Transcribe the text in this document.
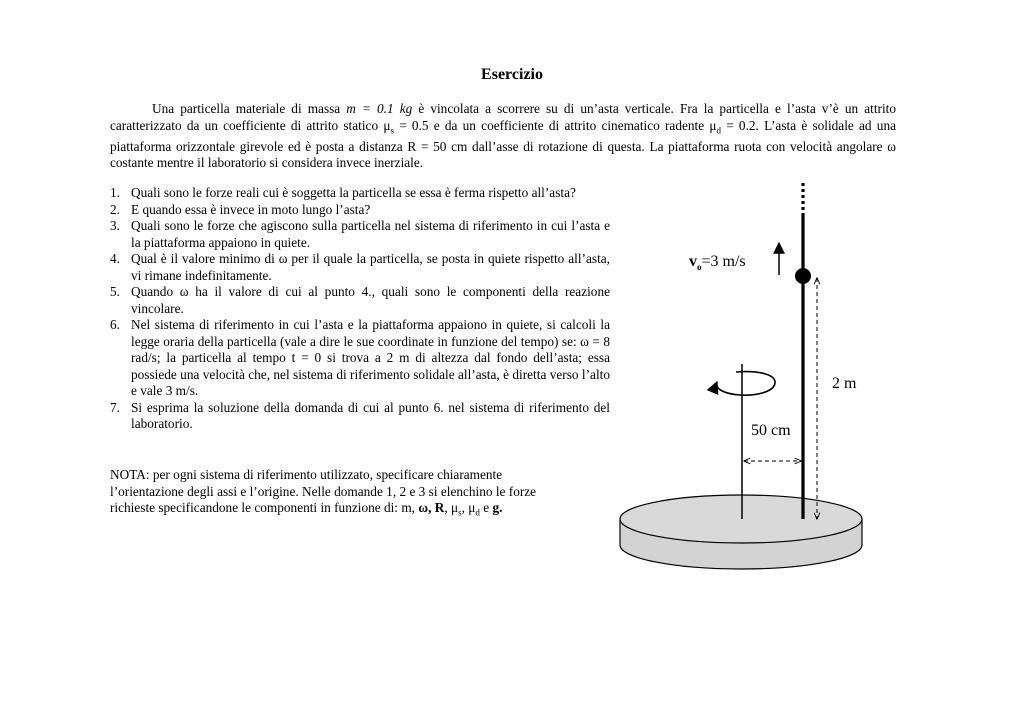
Esercizio

Una particella materiale di massa m = 0.1 kg è vincolata a scorrere su di un’asta verticale. Fra la particella e l’asta v’è un attrito caratterizzato da un coefficiente di attrito statico $\mu_s = 0.5$ e da un coefficiente di attrito cinematico radente $\mu_d = 0.2$. L’asta è solidale ad una piattaforma orizzontale girevole ed è posta a distanza R = 50 cm dall’asse di rotazione di questa. La piattaforma ruota con velocità angolare ω costante mentre il laboratorio si considera invece inerziale.

1. Quali sono le forze reali cui è soggetta la particella se essa è ferma rispetto all’asta?
2. E quando essa è invece in moto lungo l’asta?
3. Quali sono le forze che agiscono sulla particella nel sistema di riferimento in cui l’asta e la piattaforma appaiono in quiete.
4. Qual è il valore minimo di ω per il quale la particella, se posta in quiete rispetto all’asta, vi rimane indefinitamente.
5. Quando ω ha il valore di cui al punto 4., quali sono le componenti della reazione vincolare.
6. Nel sistema di riferimento in cui l’asta e la piattaforma appaiono in quiete, si calcoli la legge oraria della particella (vale a dire le sue coordinate in funzione del tempo) se: ω = 8 rad/s; la particella al tempo t = 0 si trova a 2 m di altezza dal fondo dell’asta; essa possiede una velocità che, nel sistema di riferimento solidale all’asta, è diretta verso l’alto e vale 3 m/s.
7. Si esprima la soluzione della domanda di cui al punto 6. nel sistema di riferimento del laboratorio.

NOTA: per ogni sistema di riferimento utilizzato, specificare chiaramente l’orientazione degli assi e l’origine. Nelle domande 1, 2 e 3 si elenchino le forze richieste specificandone le componenti in funzione di: m, ω, R, $\mu_s$, $\mu_d$ e g.

$v_o=3$ m/s
2 m
50 cm
